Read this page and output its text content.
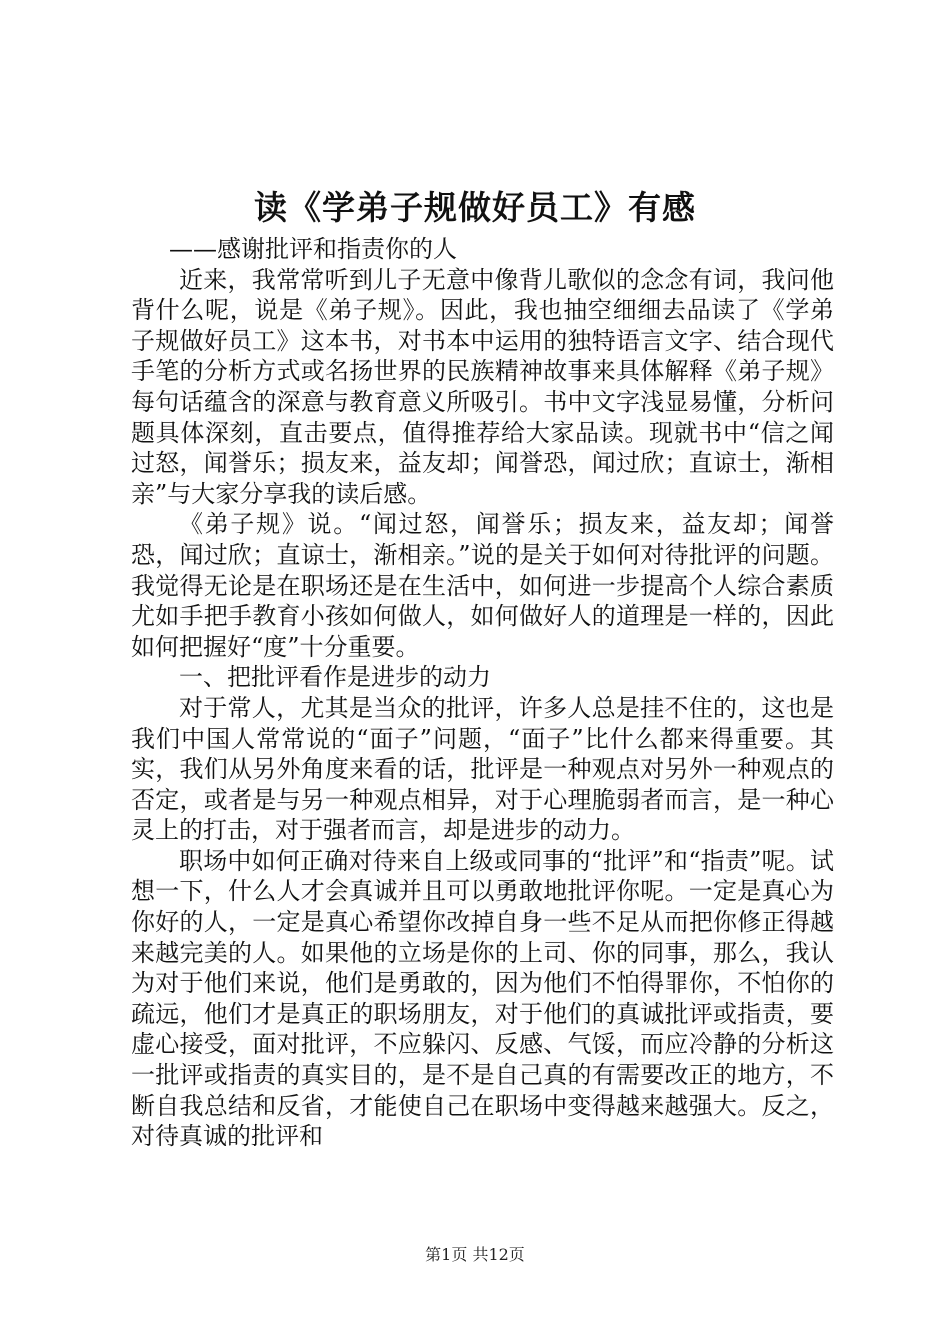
读《学弟子规做好员工》有感

——感谢批评和指责你的人

近来，我常常听到儿子无意中像背儿歌似的念念有词，我问他背什么呢，说是《弟子规》。因此，我也抽空细细去品读了《学弟子规做好员工》这本书，对书本中运用的独特语言文字、结合现代手笔的分析方式或名扬世界的民族精神故事来具体解释《弟子规》每句话蕴含的深意与教育意义所吸引。书中文字浅显易懂，分析问题具体深刻，直击要点，值得推荐给大家品读。现就书中“信之闻过怒，闻誉乐；损友来，益友却；闻誉恐，闻过欣；直谅士，渐相亲”与大家分享我的读后感。

《弟子规》说。“闻过怒，闻誉乐；损友来，益友却；闻誉恐，闻过欣；直谅士，渐相亲。”说的是关于如何对待批评的问题。我觉得无论是在职场还是在生活中，如何进一步提高个人综合素质尤如手把手教育小孩如何做人，如何做好人的道理是一样的，因此如何把握好“度”十分重要。

一、把批评看作是进步的动力

对于常人，尤其是当众的批评，许多人总是挂不住的，这也是我们中国人常常说的“面子”问题，“面子”比什么都来得重要。其实，我们从另外角度来看的话，批评是一种观点对另外一种观点的否定，或者是与另一种观点相异，对于心理脆弱者而言，是一种心灵上的打击，对于强者而言，却是进步的动力。

职场中如何正确对待来自上级或同事的“批评”和“指责”呢。试想一下，什么人才会真诚并且可以勇敢地批评你呢。一定是真心为你好的人，一定是真心希望你改掉自身一些不足从而把你修正得越来越完美的人。如果他的立场是你的上司、你的同事，那么，我认为对于他们来说，他们是勇敢的，因为他们不怕得罪你，不怕你的疏远，他们才是真正的职场朋友，对于他们的真诚批评或指责，要虚心接受，面对批评，不应躲闪、反感、气馁，而应冷静的分析这一批评或指责的真实目的，是不是自己真的有需要改正的地方，不断自我总结和反省，才能使自己在职场中变得越来越强大。反之，对待真诚的批评和

第1页 共12页
